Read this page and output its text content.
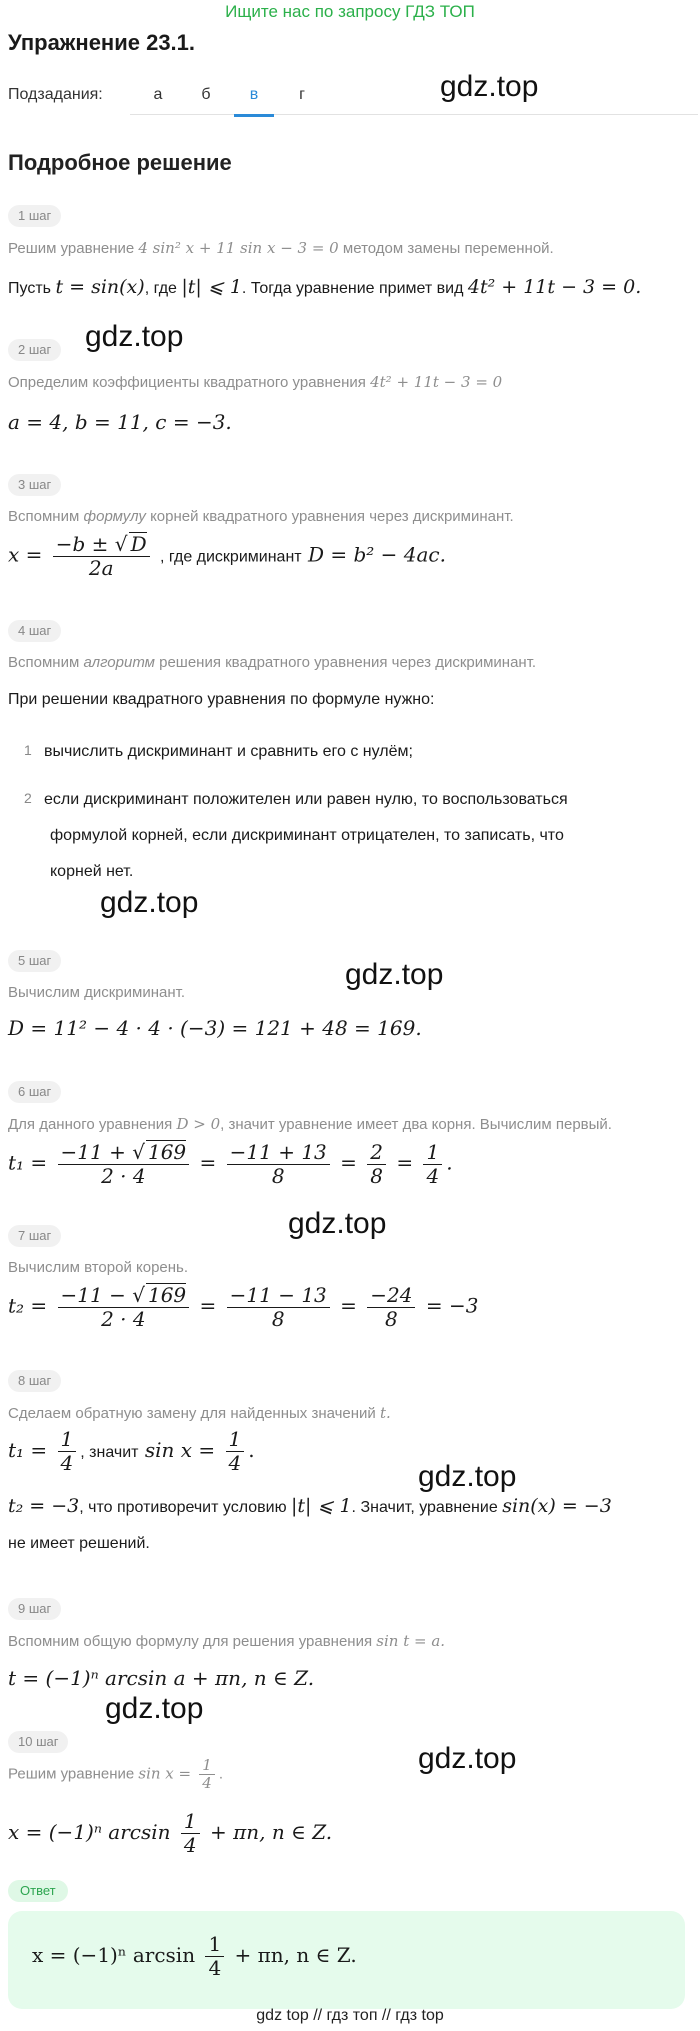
Ищите нас по запросу ГДЗ ТОП
Упражнение 23.1.
Подзадания:	а	б	в	г	gdz.top
gdz.top
gdz.top
gdz.top
gdz.top
gdz.top
gdz.top
gdz.top
Подробное решение
1 шаг
Решим уравнение 4 sin² x + 11 sin x − 3 = 0 методом замены переменной.
Пусть t = sin(x), где |t| ⩽ 1. Тогда уравнение примет вид 4t² + 11t − 3 = 0.
2 шаг
Определим коэффициенты квадратного уравнения 4t² + 11t − 3 = 0
a = 4, b = 11, c = −3.
3 шаг
Вспомним формулу корней квадратного уравнения через дискриминант.
$x = \frac{-b \pm √ D}{2a}$ , где дискриминант D = b² − 4ac.
4 шаг
Вспомним алгоритм решения квадратного уравнения через дискриминант.
При решении квадратного уравнения по формуле нужно:
1 вычислить дискриминант и сравнить его с нулём;
2 если дискриминант положителен или равен нулю, то воспользоваться
формулой корней, если дискриминант отрицателен, то записать, что
корней нет.
5 шаг
Вычислим дискриминант.
D = 11² − 4 · 4 · (−3) = 121 + 48 = 169.
6 шаг
Для данного уравнения D > 0, значит уравнение имеет два корня. Вычислим первый.
$t_1 = \frac{-11 + √ 169}{2 \cdot 4} = \frac{-11 + 13}{8} = \frac{2}{8} = \frac{1}{4}$ .
7 шаг
Вычислим второй корень.
$t_2 = \frac{-11 - √ 169}{2 \cdot 4} = \frac{-11 - 13}{8} = \frac{-24}{8} = -3$
8 шаг
Сделаем обратную замену для найденных значений t.
$t_1 = \frac{1}{4}$ , значит $\sin x = \frac{1}{4}$ .
t₂ = −3, что противоречит условию |t| ⩽ 1. Значит, уравнение sin(x) = −3
не имеет решений.
9 шаг
Вспомним общую формулу для решения уравнения sin t = a.
t = (−1)ⁿ arcsin a + πn, n ∈ Z.
10 шаг
Решим уравнение $\sin x = \frac{1}{4}$ .
x = (−1)ⁿ $\arcsin \frac{1}{4} + \pi n$, n ∈ Z.
Ответ
x = (−1)ⁿ $\arcsin \frac{1}{4} + \pi n$, n ∈ Z.
gdz top // гдз топ // гдз top
